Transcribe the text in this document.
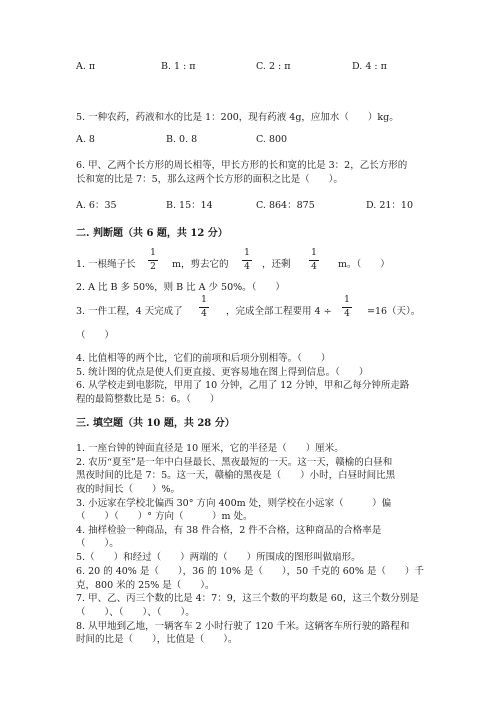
A. π	B. 1 : π	C. 2 : π	D. 4 : π
5. 一种农药，药液和水的比是 1：200，现有药液 4g，应加水（　　）kg。
A. 8	B. 0. 8	C. 800
6. 甲、乙两个长方形的周长相等，甲长方形的长和宽的比是 3：2，乙长方形的
长和宽的比是 7：5，那么这两个长方形的面积之比是（　　）。
A. 6：35	B. 15：14	C. 864：875	D. 21：10
二. 判断题（共 6 题，共 12 分）
1. 一根绳子长
1
2 m，剪去它的
1
4 ，还剩
1
4 m。（　　）
2. A 比 B 多 50%，则 B 比 A 少 50%。（　　）
3. 一件工程，4 天完成了
1
4 ，完成全部工程要用 4 ÷
1
4 =16（天）。
（　　）
4. 比值相等的两个比，它们的前项和后项分别相等。（　　）
5. 统计图的优点是使人们更直接、更容易地在图上得到信息。（　　）
6. 从学校走到电影院，甲用了 10 分钟，乙用了 12 分钟，甲和乙每分钟所走路
程的最简整数比是 5：6。（　　）
三. 填空题（共 10 题，共 28 分）
1. 一座台钟的钟面直径是 10 厘米，它的半径是（　　）厘米。
2. 农历“夏至”是一年中白昼最长、黑夜最短的一天。这一天，赣榆的白昼和
黑夜时间的比是 7：5。这一天，赣榆的黑夜是（　　）小时，白昼时间比黑
夜的时间长（　　）%。
3. 小远家在学校北偏西 30° 方向 400m 处，则学校在小远家（　　　）偏
（　　）（　　）° 方向（　　　）m 处。
4. 抽样检验一种商品，有 38 件合格，2 件不合格，这种商品的合格率是
（　　）。
5.（　　）和经过（　　）两端的（　　）所围成的图形叫做扇形。
6. 20 的 40% 是（　　），36 的 10% 是（　　），50 千克的 60% 是（　　）千
克，800 米的 25% 是（　　）。
7. 甲、乙、丙三个数的比是 4：7：9，这三个数的平均数是 60，这三个数分别是
（　　）、（　　）、（　　）。
8. 从甲地到乙地，一辆客车 2 小时行驶了 120 千米。这辆客车所行驶的路程和
时间的比是（　　），比值是（　　）。
